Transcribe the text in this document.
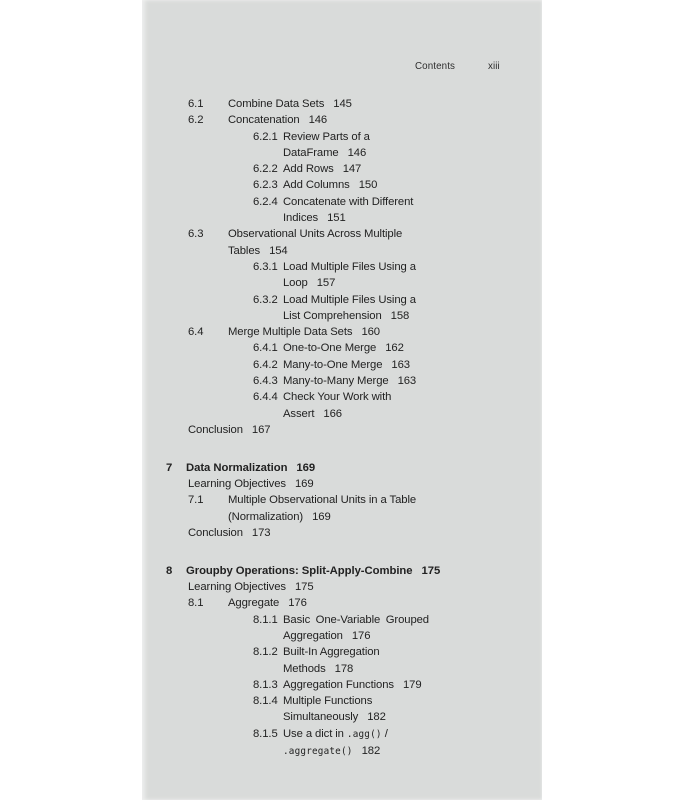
Contents	xiii
6.1	Combine Data Sets 145
6.2	Concatenation 146
6.2.1 Review Parts of a
DataFrame 146
6.2.2 Add Rows 147
6.2.3 Add Columns 150
6.2.4 Concatenate with Different
Indices 151
6.3	Observational Units Across Multiple
Tables 154
6.3.1 Load Multiple Files Using a
Loop 157
6.3.2 Load Multiple Files Using a
List Comprehension 158
6.4	Merge Multiple Data Sets 160
6.4.1 One-to-One Merge 162
6.4.2 Many-to-One Merge 163
6.4.3 Many-to-Many Merge 163
6.4.4 Check Your Work with
Assert 166
Conclusion 167
7	Data Normalization 169
Learning Objectives 169
7.1	Multiple Observational Units in a Table
(Normalization) 169
Conclusion 173
8	Groupby Operations: Split-Apply-Combine 175
Learning Objectives 175
8.1	Aggregate 176
8.1.1 Basic One-Variable Grouped
Aggregation 176
8.1.2 Built-In Aggregation
Methods 178
8.1.3 Aggregation Functions 179
8.1.4 Multiple Functions
Simultaneously 182
8.1.5 Use a dict in .agg() /
.aggregate() 182
